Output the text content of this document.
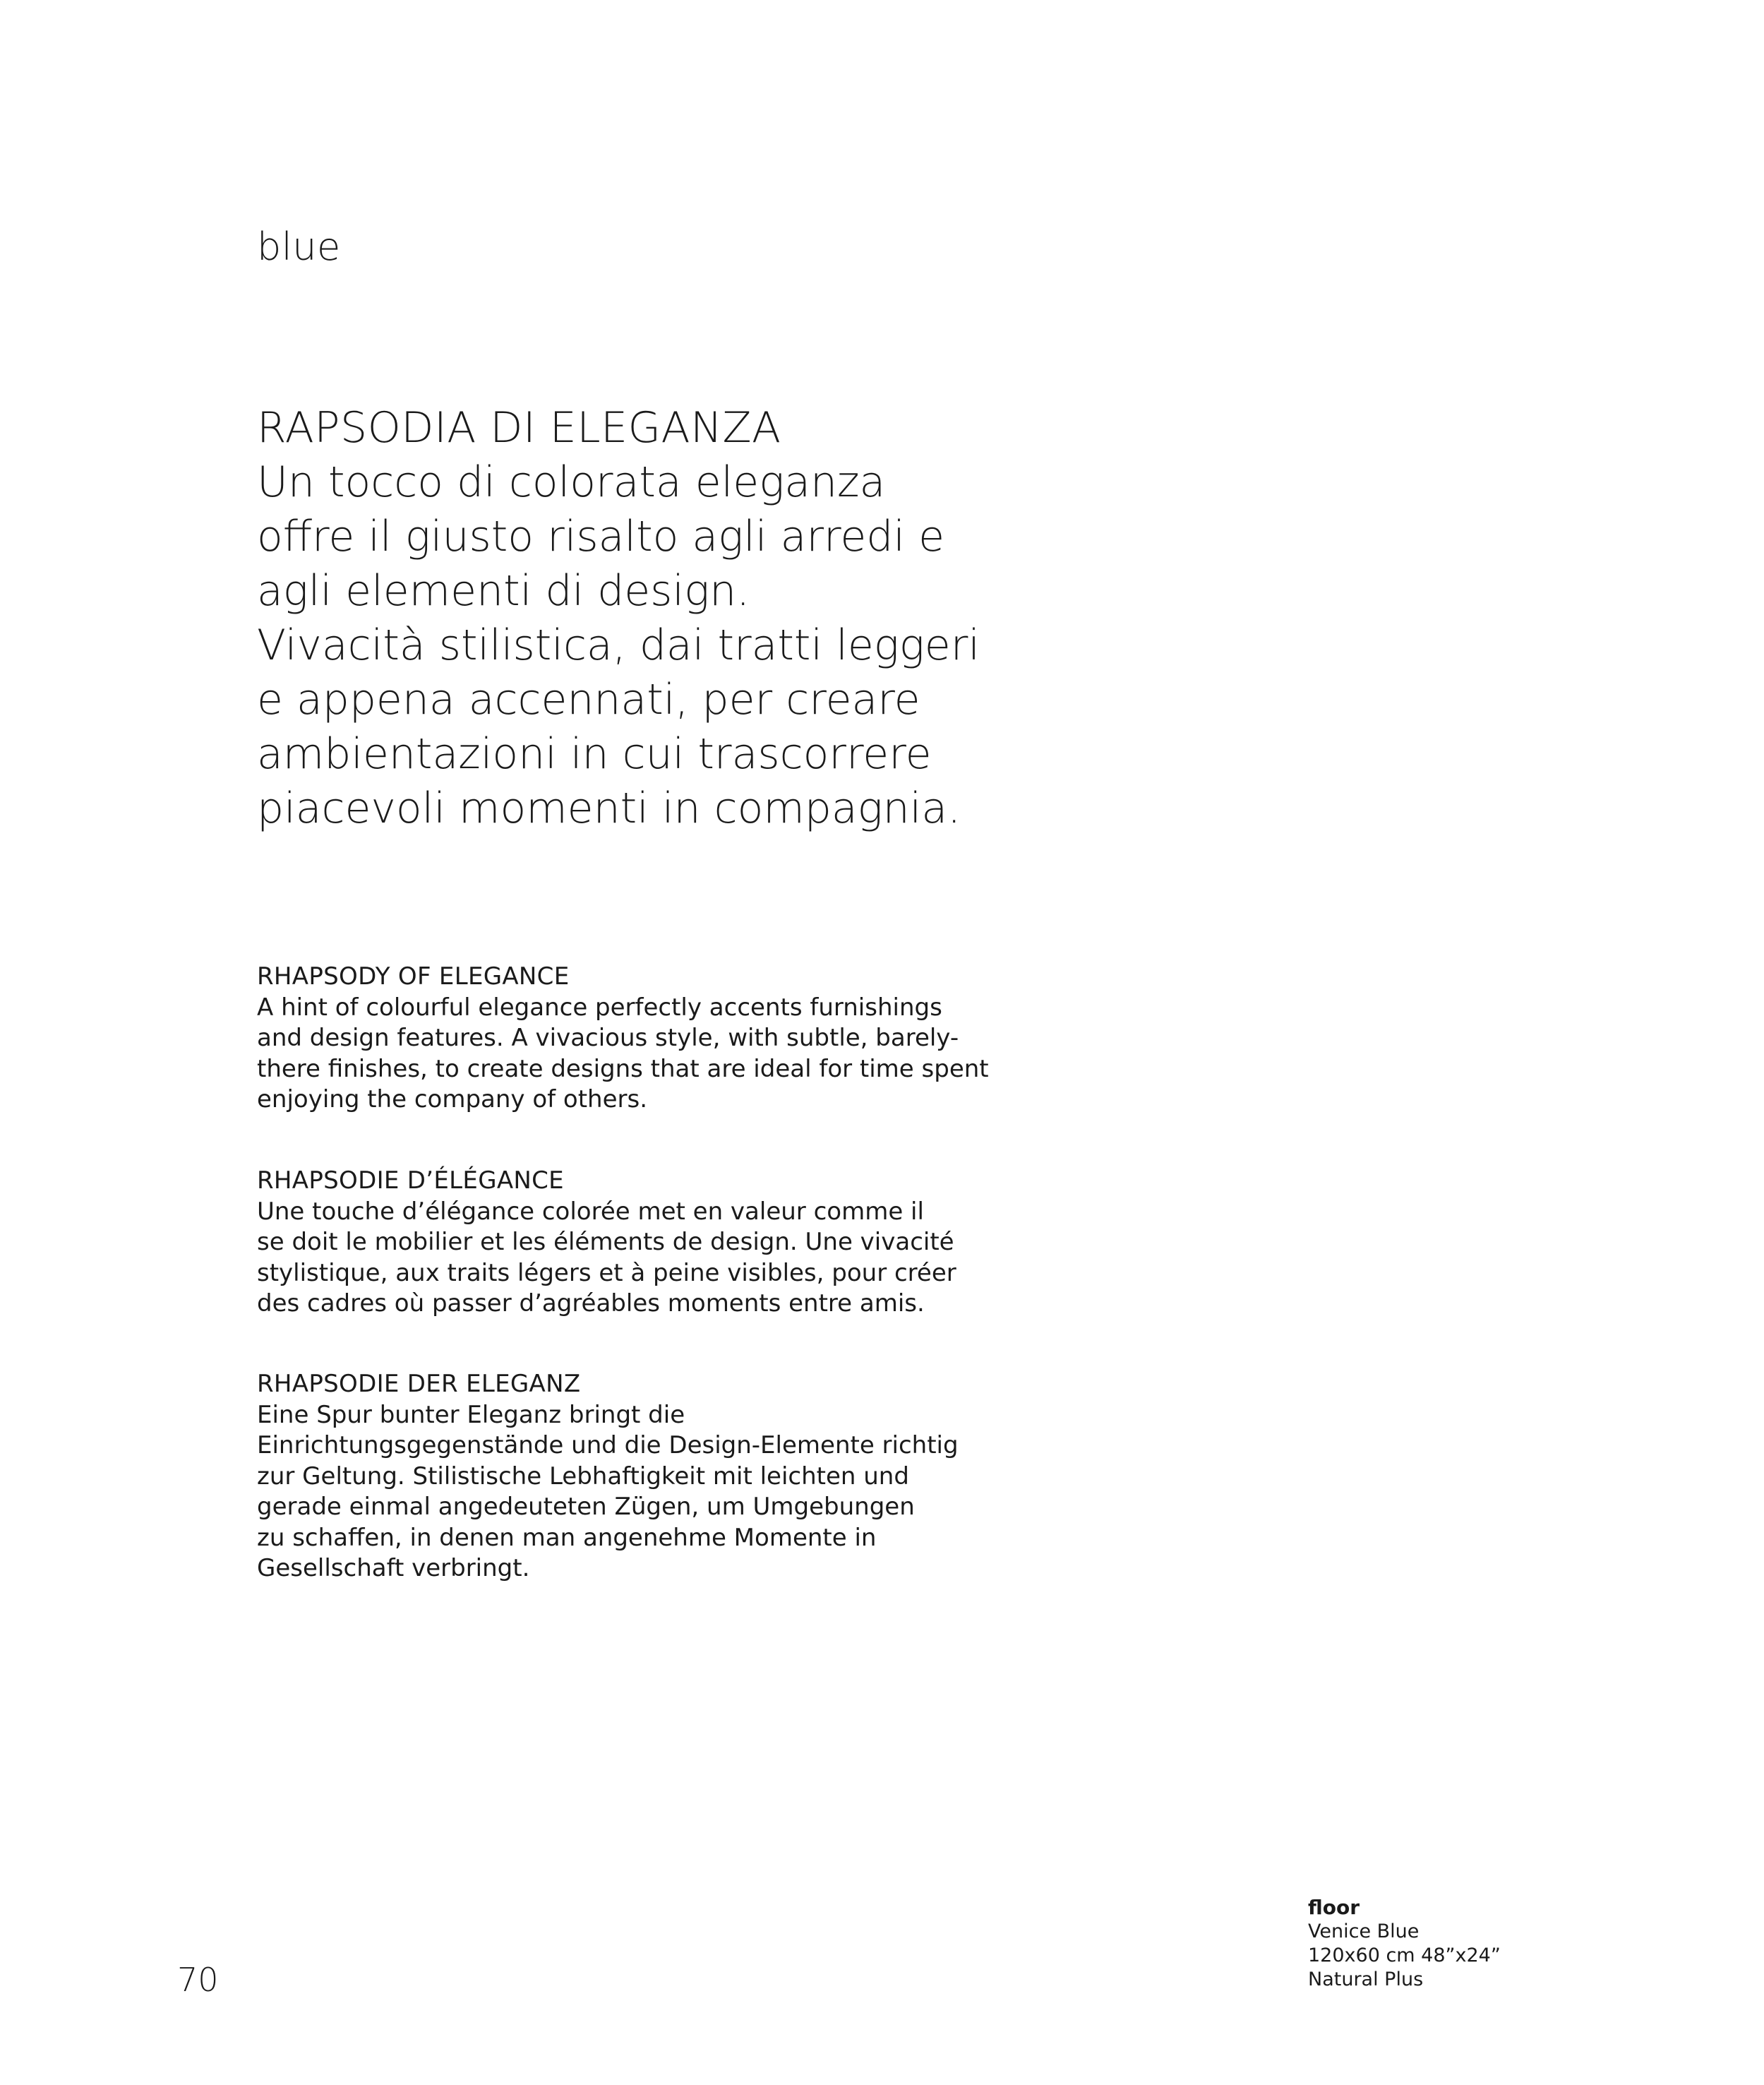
blue
RAPSODIA DI ELEGANZA
Un tocco di colorata eleganza
offre il giusto risalto agli arredi e
agli elementi di design.
Vivacità stilistica, dai tratti leggeri
e appena accennati, per creare
ambientazioni in cui trascorrere
piacevoli momenti in compagnia.
RHAPSODY OF ELEGANCE
A hint of colourful elegance perfectly accents furnishings
and design features. A vivacious style, with subtle, barely-
there finishes, to create designs that are ideal for time spent
enjoying the company of others.
RHAPSODIE D’ÉLÉGANCE
Une touche d’élégance colorée met en valeur comme il
se doit le mobilier et les éléments de design. Une vivacité
stylistique, aux traits légers et à peine visibles, pour créer
des cadres où passer d’agréables moments entre amis.
RHAPSODIE DER ELEGANZ
Eine Spur bunter Eleganz bringt die
Einrichtungsgegenstände und die Design-Elemente richtig
zur Geltung. Stilistische Lebhaftigkeit mit leichten und
gerade einmal angedeuteten Zügen, um Umgebungen
zu schaffen, in denen man angenehme Momente in
Gesellschaft verbringt.
70
floor
Venice Blue
120x60 cm 48”x24”
Natural Plus
